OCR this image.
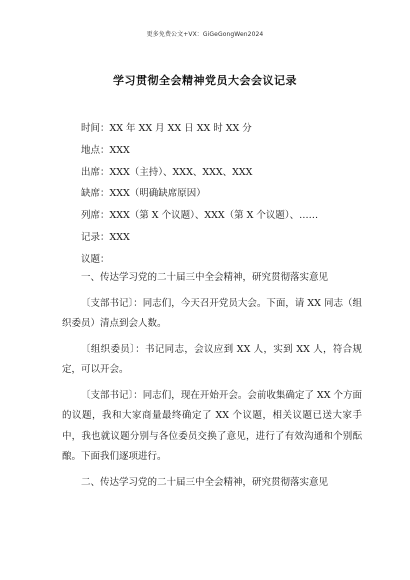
更多免费公文+VX：GiGeGongWen2024
学习贯彻全会精神党员大会会议记录
时间：XX 年 XX 月 XX 日 XX 时 XX 分
地点：XXX
出席：XXX（主持）、XXX、XXX、XXX
缺席：XXX（明确缺席原因）
列席：XXX（第 X 个议题）、XXX（第 X 个议题）、……
记录：XXX
议题：

一、传达学习党的二十届三中全会精神，研究贯彻落实意见

〔支部书记〕：同志们，今天召开党员大会。下面，请 XX 同志（组织委员）清点到会人数。

〔组织委员〕：书记同志，会议应到 XX 人，实到 XX 人，符合规定，可以开会。

〔支部书记〕：同志们，现在开始开会。会前收集确定了 XX 个方面的议题，我和大家商量最终确定了 XX 个议题，相关议题已送大家手中，我也就议题分别与各位委员交换了意见，进行了有效沟通和个别酝酿。下面我们逐项进行。

二、传达学习党的二十届三中全会精神，研究贯彻落实意见
